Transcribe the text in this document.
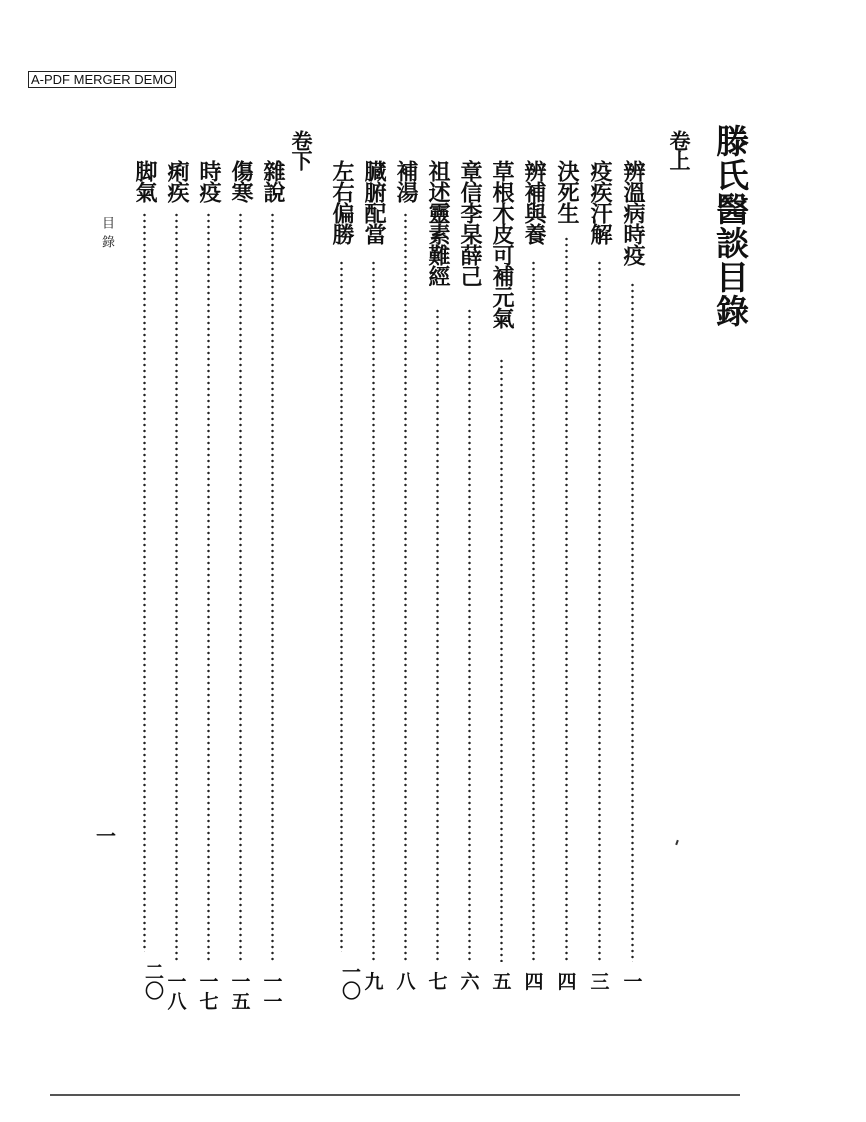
A-PDF MERGER DEMO
滕氏醫談目錄
卷上
卷下
辨溫病時疫
一
疫疾汗解
三
決死生
四
辨補與養
四
草根木皮可補元氣
五
章信李杲薛己
六
祖述靈素難經
七
補湯
八
臓腑配當
九
左右偏勝
一〇
雜說
一一
傷寒
一五
時疫
一七
痢疾
一八
脚氣
二〇
目錄
一
